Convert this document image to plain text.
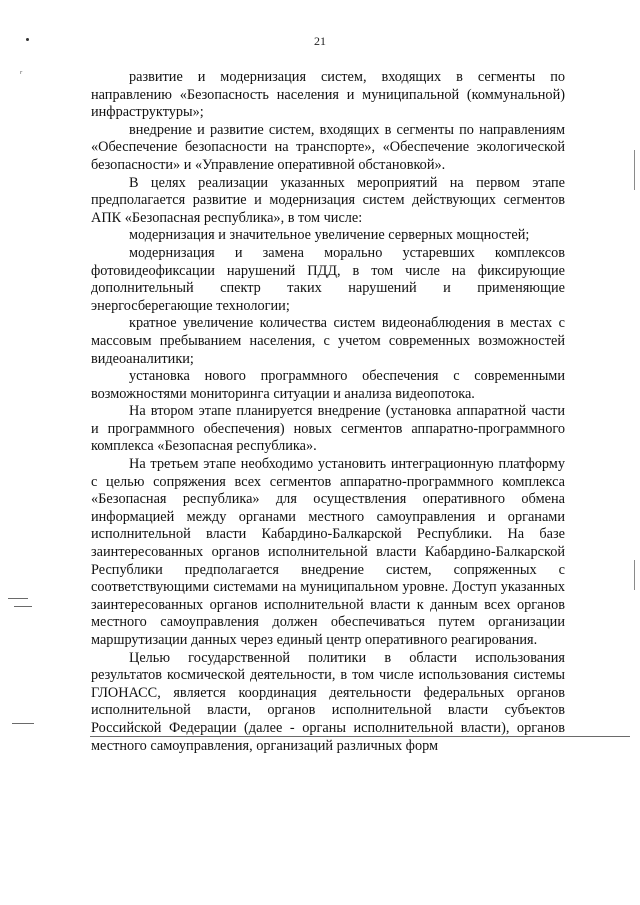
21
ʳ	развитие и модернизация систем, входящих в сегменты по направлению «Безопасность населения и муниципальной (коммунальной) инфраструктуры»;

внедрение и развитие систем, входящих в сегменты по направлениям «Обеспечение безопасности на транспорте», «Обеспечение экологической безопасности» и «Управление оперативной обстановкой».

В целях реализации указанных мероприятий на первом этапе предполагается развитие и модернизация систем действующих сегментов АПК «Безопасная республика», в том числе:

модернизация и значительное увеличение серверных мощностей;

модернизация и замена морально устаревших комплексов фотовидеофиксации нарушений ПДД, в том числе на фиксирующие дополнительный спектр таких нарушений и применяющие энергосберегающие технологии;

кратное увеличение количества систем видеонаблюдения в местах с массовым пребыванием населения, с учетом современных возможностей видеоаналитики;

установка нового программного обеспечения с современными возможностями мониторинга ситуации и анализа видеопотока.

На втором этапе планируется внедрение (установка аппаратной части и программного обеспечения) новых сегментов аппаратно-программного комплекса «Безопасная республика».

На третьем этапе необходимо установить интеграционную платформу с целью сопряжения всех сегментов аппаратно-программного комплекса «Безопасная республика» для осуществления оперативного обмена информацией между органами местного самоуправления и органами исполнительной власти Кабардино-Балкарской Республики. На базе заинтересованных органов исполнительной власти Кабардино-Балкарской Республики предполагается внедрение систем, сопряженных с соответствующими системами на муниципальном уровне. Доступ указанных заинтересованных органов исполнительной власти к данным всех органов местного самоуправления должен обеспечиваться путем организации маршрутизации данных через единый центр оперативного реагирования.

Целью государственной политики в области использования результатов космической деятельности, в том числе использования системы ГЛОНАСС, является координация деятельности федеральных органов исполнительной власти, органов исполнительной власти субъектов Российской Федерации (далее - органы исполнительной власти), органов местного самоуправления, организаций различных форм
